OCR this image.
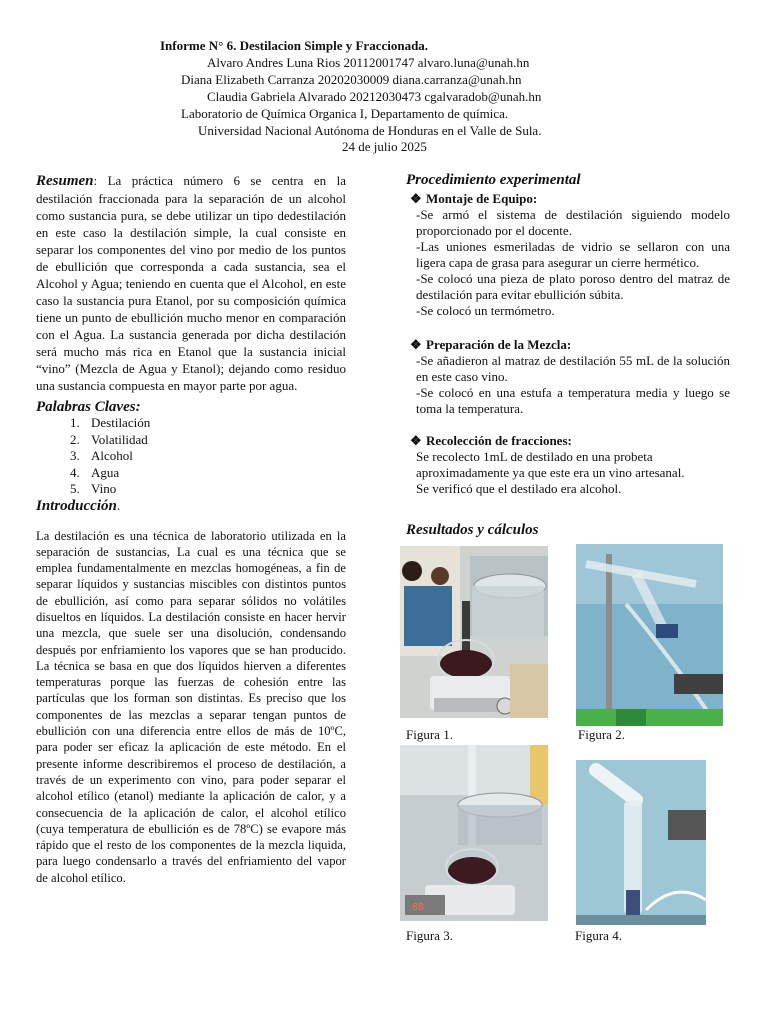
Informe N° 6. Destilacion Simple y Fraccionada.
Alvaro Andres Luna Rios 20112001747 alvaro.luna@unah.hn
Diana Elizabeth Carranza 20202030009 diana.carranza@unah.hn
Claudia Gabriela Alvarado 20212030473 cgalvaradob@unah.hn
Laboratorio de Química Organica I, Departamento de química.
Universidad Nacional Autónoma de Honduras en el Valle de Sula.
24 de julio 2025
Resumen: La práctica número 6 se centra en la destilación fraccionada para la separación de un alcohol como sustancia pura, se debe utilizar un tipo dedestilación en este caso la destilación simple, la cual consiste en separar los componentes del vino por medio de los puntos de ebullición que corresponda a cada sustancia, sea el Alcohol y Agua; teniendo en cuenta que el Alcohol, en este caso la sustancia pura Etanol, por su composición química tiene un punto de ebullición mucho menor en comparación con el Agua. La sustancia generada por dicha destilación será mucho más rica en Etanol que la sustancia inicial “vino” (Mezcla de Agua y Etanol); dejando como residuo una sustancia compuesta en mayor parte por agua.
Palabras Claves:
1. Destilación
2. Volatilidad
3. Alcohol
4. Agua
5. Vino
Introducción.
La destilación es una técnica de laboratorio utilizada en la separación de sustancias, La cual es una técnica que se emplea fundamentalmente en mezclas homogéneas, a fin de separar líquidos y sustancias miscibles con distintos puntos de ebullición, así como para separar sólidos no volátiles disueltos en líquidos. La destilación consiste en hacer hervir una mezcla, que suele ser una disolución, condensando después por enfriamiento los vapores que se han producido. La técnica se basa en que dos líquidos hierven a diferentes temperaturas porque las fuerzas de cohesión entre las partículas que los forman son distintas. Es preciso que los componentes de las mezclas a separar tengan puntos de ebullición con una diferencia entre ellos de más de 10ºC, para poder ser eficaz la aplicación de este método. En el presente informe describiremos el proceso de destilación, a través de un experimento con vino, para poder separar el alcohol etílico (etanol) mediante la aplicación de calor, y a consecuencia de la aplicación de calor, el alcohol etílico (cuya temperatura de ebullición es de 78ºC) se evapore más rápido que el resto de los componentes de la mezcla liquida, para luego condensarlo a través del enfriamiento del vapor de alcohol etílico.
Procedimiento experimental
❖ Montaje de Equipo:
-Se armó el sistema de destilación siguiendo modelo proporcionado por el docente.
-Las uniones esmeriladas de vidrio se sellaron con una ligera capa de grasa para asegurar un cierre hermético.
-Se colocó una pieza de plato poroso dentro del matraz de destilación para evitar ebullición súbita.
-Se colocó un termómetro.
❖ Preparación de la Mezcla:
-Se añadieron al matraz de destilación 55 mL de la solución en este caso vino.
-Se colocó en una estufa a temperatura media y luego se toma la temperatura.
❖ Recolección de fracciones:
Se recolecto 1mL de destilado en una probeta aproximadamente ya que este era un vino artesanal.
Se verificó que el destilado era alcohol.
Resultados y cálculos
Figura 1.	Figura 2.
88
Figura 3.	Figura 4.
